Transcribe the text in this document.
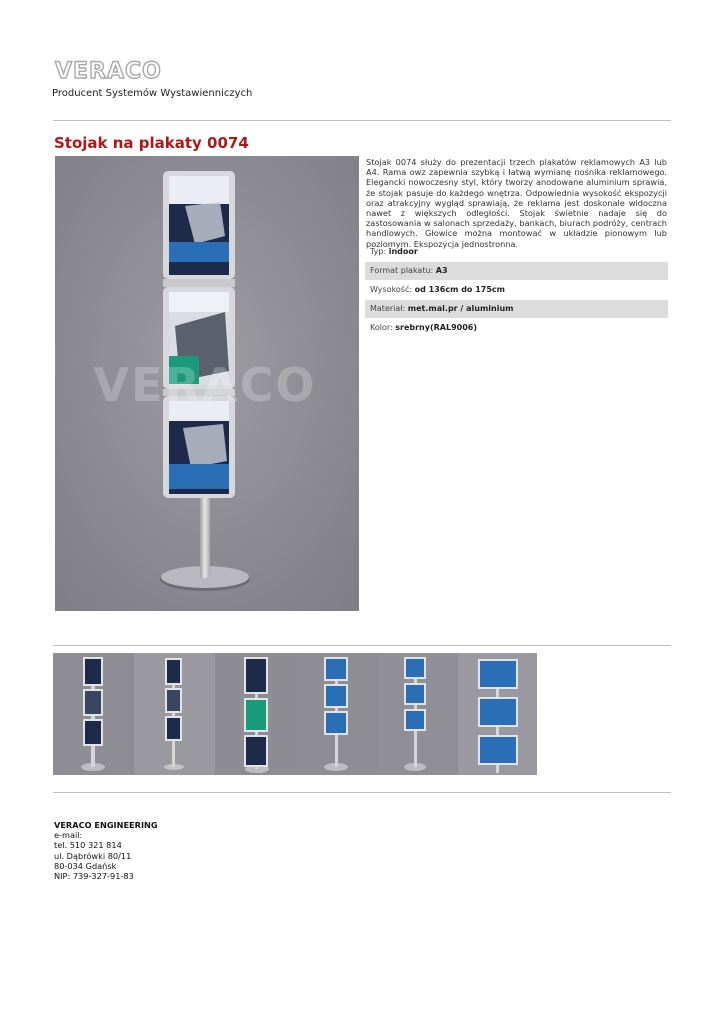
VERACO
Producent Systemów Wystawienniczych
Stojak na plakaty 0074
VERACO

Stojak 0074 służy do prezentacji trzech plakatów reklamowych A3 lub A4. Rama owz zapewnia szybką i łatwą wymianę nośnika reklamowego. Elegancki nowoczesny styl, który tworzy anodowane aluminium sprawia, że stojak pasuje do każdego wnętrza. Odpowiednia wysokość ekspozycji oraz atrakcyjny wygląd sprawiają, że reklama jest doskonale widoczna nawet z większych odległości. Stojak świetnie nadaje się do zastosowania w salonach sprzedaży, bankach, biurach podróży, centrach handlowych. Głowice można montować w układzie pionowym lub poziomym. Ekspozycja jednostronna.

Typ: indoor
Format plakatu: A3
Wysokość: od 136cm do 175cm
Materiał: met.mal.pr / aluminium
Kolor: srebrny(RAL9006)
VERACO ENGINEERING
e-mail:
tel. 510 321 814
ul. Dąbrówki 80/11
80-034 Gdańsk
NIP: 739-327-91-83
